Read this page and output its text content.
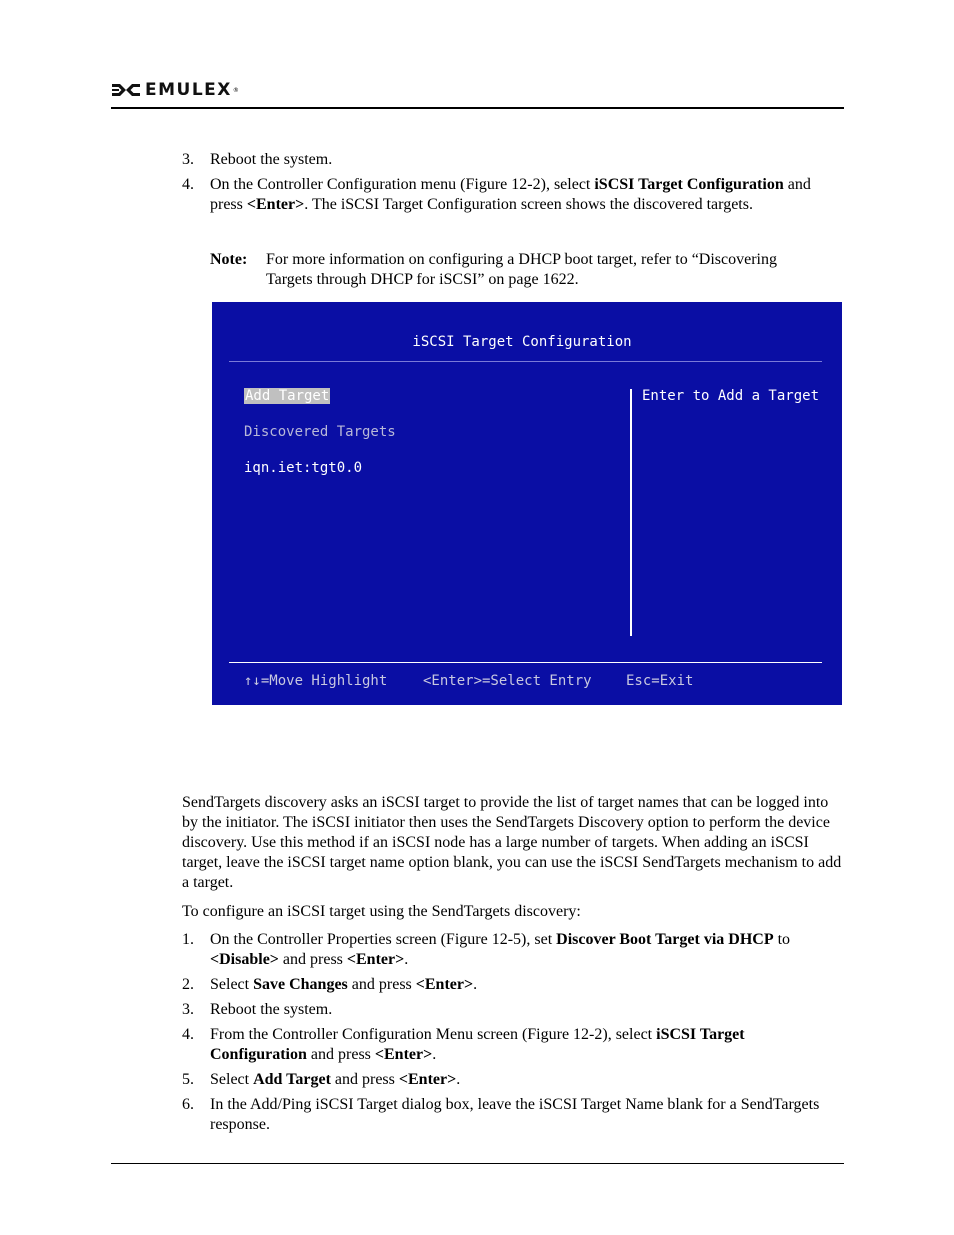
EMULEX ®
3. Reboot the system.
4. On the Controller Configuration menu (Figure 12-2), select iSCSI Target Configuration and press <Enter>. The iSCSI Target Configuration screen shows the discovered targets.
Note: For more information on configuring a DHCP boot target, refer to “Discovering Targets through DHCP for iSCSI” on page 1622.
iSCSI Target Configuration
Add Target
Discovered Targets
iqn.iet:tgt0.0
Enter to Add a Target
↑↓=Move Highlight	<Enter>=Select Entry Esc=Exit
SendTargets discovery asks an iSCSI target to provide the list of target names that can be logged into by the initiator. The iSCSI initiator then uses the SendTargets Discovery option to perform the device discovery. Use this method if an iSCSI node has a large number of targets. When adding an iSCSI target, leave the iSCSI target name option blank, you can use the iSCSI SendTargets mechanism to add a target.
To configure an iSCSI target using the SendTargets discovery:
1. On the Controller Properties screen (Figure 12-5), set Discover Boot Target via DHCP to <Disable> and press <Enter>.
2. Select Save Changes and press <Enter>.
3. Reboot the system.
4. From the Controller Configuration Menu screen (Figure 12-2), select iSCSI Target Configuration and press <Enter>.
5. Select Add Target and press <Enter>.
6. In the Add/Ping iSCSI Target dialog box, leave the iSCSI Target Name blank for a SendTargets response.
